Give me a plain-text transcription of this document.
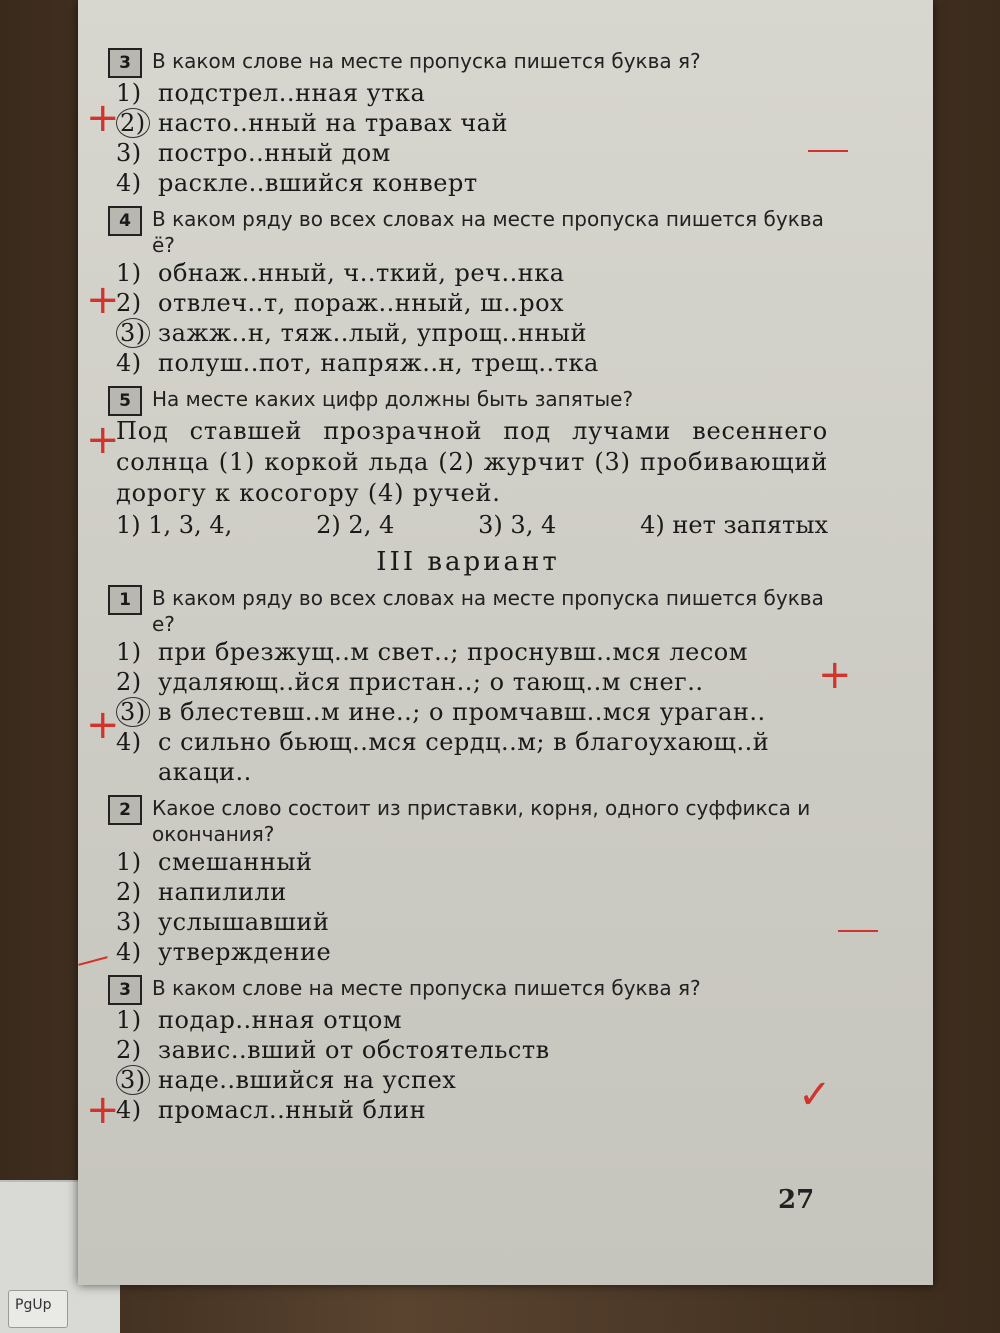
PgUp
3	В каком слове на месте пропуска пишется буква я?
1) подстрел..нная утка
2) насто..нный на травах чай
3) постро..нный дом
4) раскле..вшийся конверт
4	В каком ряду во всех словах на месте пропуска пишется буква ё?
1) обнаж..нный, ч..ткий, реч..нка
2) отвлеч..т, пораж..нный, ш..рох
3) зажж..н, тяж..лый, упрощ..нный
4) полуш..пот, напряж..н, трещ..тка
5	На месте каких цифр должны быть запятые?
Под ставшей прозрачной под лучами весеннего солнца (1) коркой льда (2) журчит (3) пробивающий дорогу к косогору (4) ручей.
1) 1, 3, 4,	2) 2, 4	3) 3, 4	4) нет запятых
III вариант
1	В каком ряду во всех словах на месте пропуска пишется буква е?
1) при брезжущ..м свет..; проснувш..мся лесом
2) удаляющ..йся пристан..; о тающ..м снег..
3) в блестевш..м ине..; о промчавш..мся ураган..
4) с сильно бьющ..мся сердц..м; в благоухающ..й акаци..
2	Какое слово состоит из приставки, корня, одного суффикса и окончания?
1) смешанный
2) напилили
3) услышавший
4) утверждение
3	В каком слове на месте пропуска пишется буква я?
1) подар..нная отцом
2) завис..вший от обстоятельств
3) наде..вшийся на успех
4) промасл..нный блин
27
+
+
+
+
+
+
✓
